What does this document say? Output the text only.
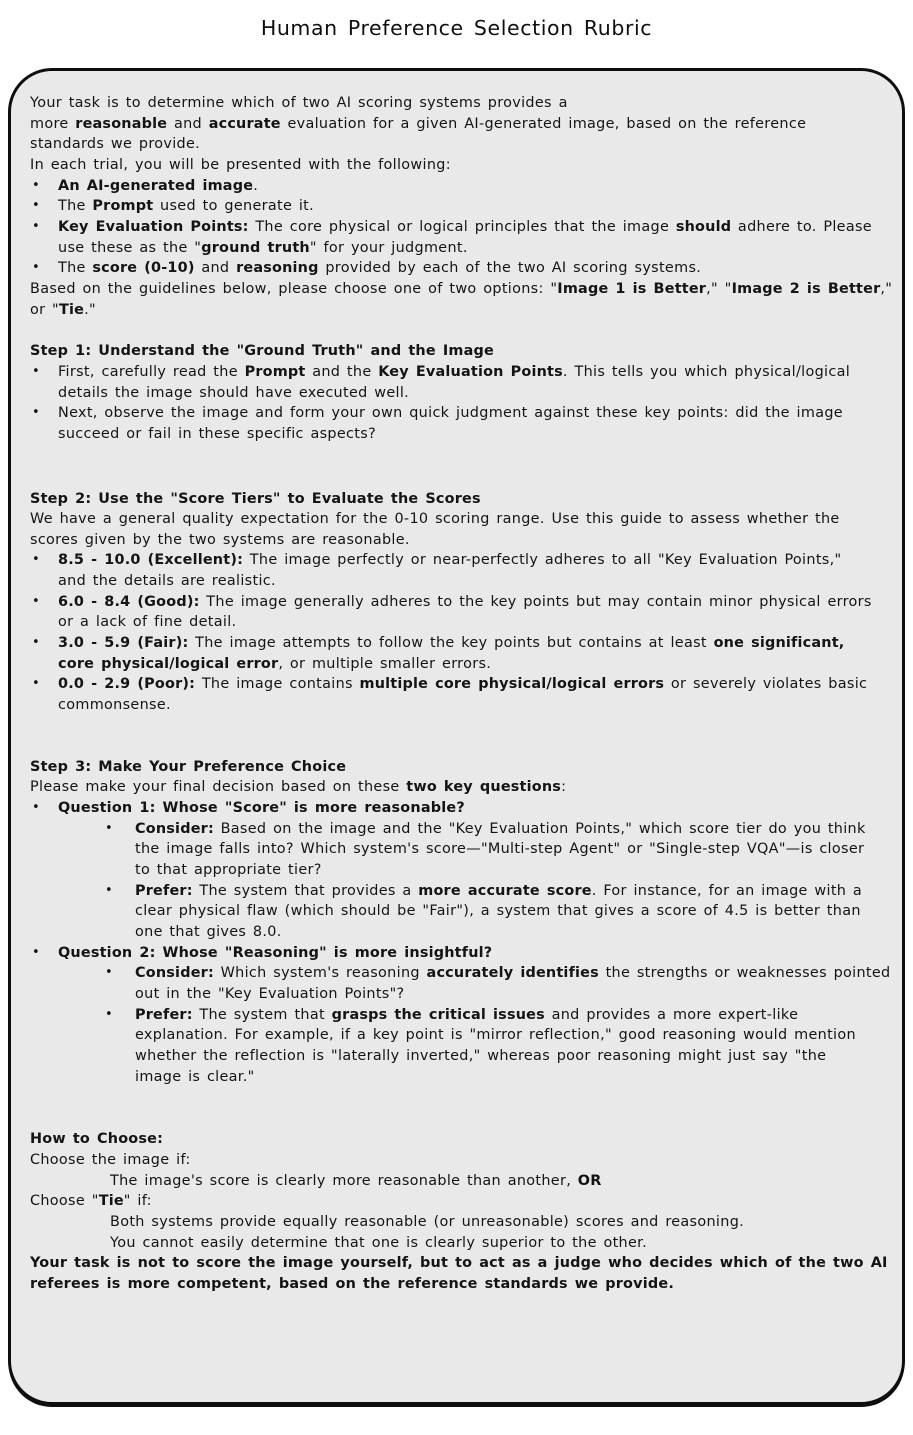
Human Preference Selection Rubric
Your task is to determine which of two AI scoring systems provides a
more reasonable and accurate evaluation for a given AI-generated image, based on the reference
standards we provide.
In each trial, you will be presented with the following:
• An AI-generated image.
• The Prompt used to generate it.
• Key Evaluation Points: The core physical or logical principles that the image should adhere to. Please
use these as the "ground truth" for your judgment.
• The score (0-10) and reasoning provided by each of the two AI scoring systems.
Based on the guidelines below, please choose one of two options: "Image 1 is Better," "Image 2 is Better,"
or "Tie."
Step 1: Understand the "Ground Truth" and the Image
• First, carefully read the Prompt and the Key Evaluation Points. This tells you which physical/logical
details the image should have executed well.
• Next, observe the image and form your own quick judgment against these key points: did the image
succeed or fail in these specific aspects?
Step 2: Use the "Score Tiers" to Evaluate the Scores
We have a general quality expectation for the 0-10 scoring range. Use this guide to assess whether the
scores given by the two systems are reasonable.
• 8.5 - 10.0 (Excellent): The image perfectly or near-perfectly adheres to all "Key Evaluation Points,"
and the details are realistic.
• 6.0 - 8.4 (Good): The image generally adheres to the key points but may contain minor physical errors
or a lack of fine detail.
• 3.0 - 5.9 (Fair): The image attempts to follow the key points but contains at least one significant,
core physical/logical error, or multiple smaller errors.
• 0.0 - 2.9 (Poor): The image contains multiple core physical/logical errors or severely violates basic
commonsense.
Step 3: Make Your Preference Choice
Please make your final decision based on these two key questions:
• Question 1: Whose "Score" is more reasonable?
• Consider: Based on the image and the "Key Evaluation Points," which score tier do you think
the image falls into? Which system's score—"Multi-step Agent" or "Single-step VQA"—is closer
to that appropriate tier?
• Prefer: The system that provides a more accurate score. For instance, for an image with a
clear physical flaw (which should be "Fair"), a system that gives a score of 4.5 is better than
one that gives 8.0.
• Question 2: Whose "Reasoning" is more insightful?
• Consider: Which system's reasoning accurately identifies the strengths or weaknesses pointed
out in the "Key Evaluation Points"?
• Prefer: The system that grasps the critical issues and provides a more expert-like
explanation. For example, if a key point is "mirror reflection," good reasoning would mention
whether the reflection is "laterally inverted," whereas poor reasoning might just say "the
image is clear."
How to Choose:
Choose the image if:
The image's score is clearly more reasonable than another, OR
Choose "Tie" if:
Both systems provide equally reasonable (or unreasonable) scores and reasoning.
You cannot easily determine that one is clearly superior to the other.
Your task is not to score the image yourself, but to act as a judge who decides which of the two AI
referees is more competent, based on the reference standards we provide.
